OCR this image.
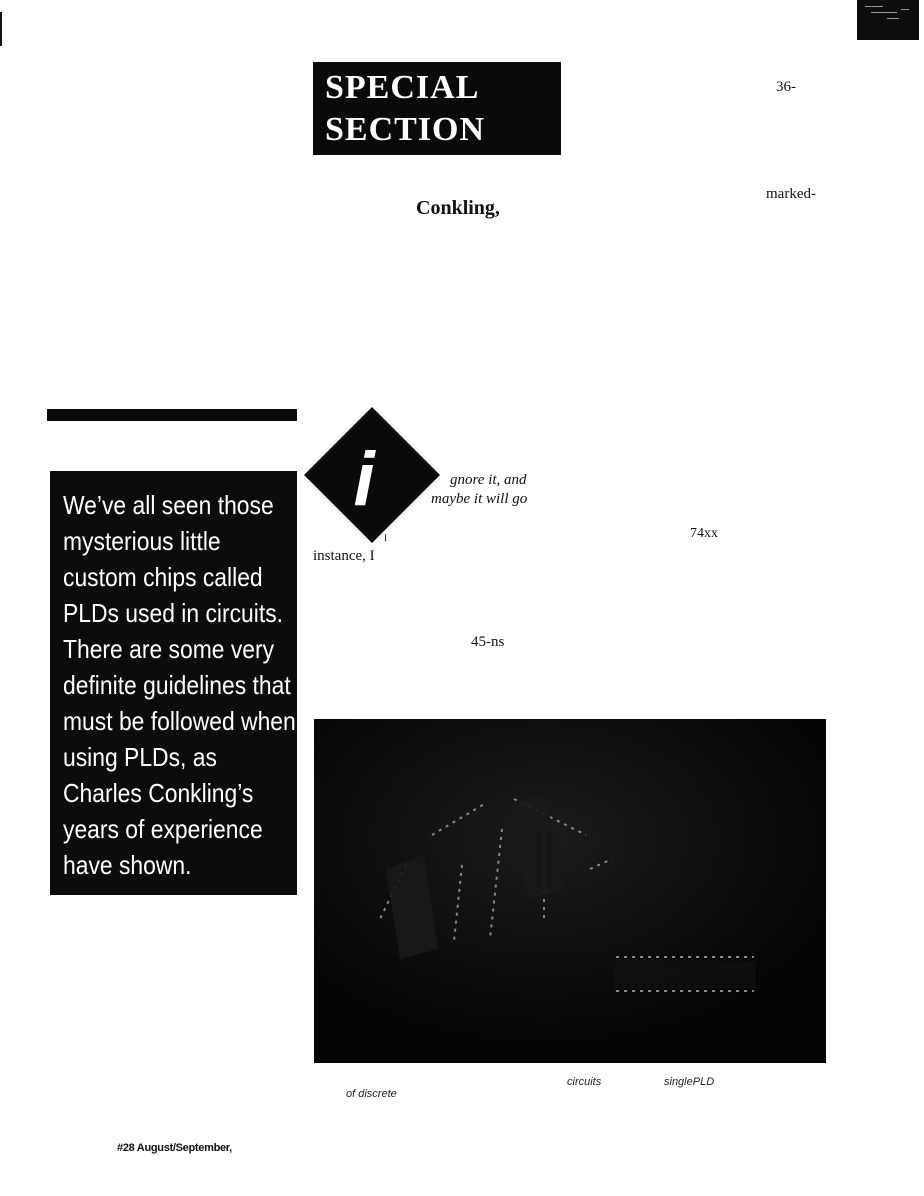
SPECIAL
SECTION
36-
Conkling,
marked-

We’ve all seen those mysterious little custom chips called PLDs used in circuits. There are some very definite guidelines that must be followed when using PLDs, as Charles Conkling’s years of experience have shown.

i	gnore it, and
maybe it will go
I	74xx
instance, I
45-ns
circuits	singlePLD
of discrete
#28 August/September,
